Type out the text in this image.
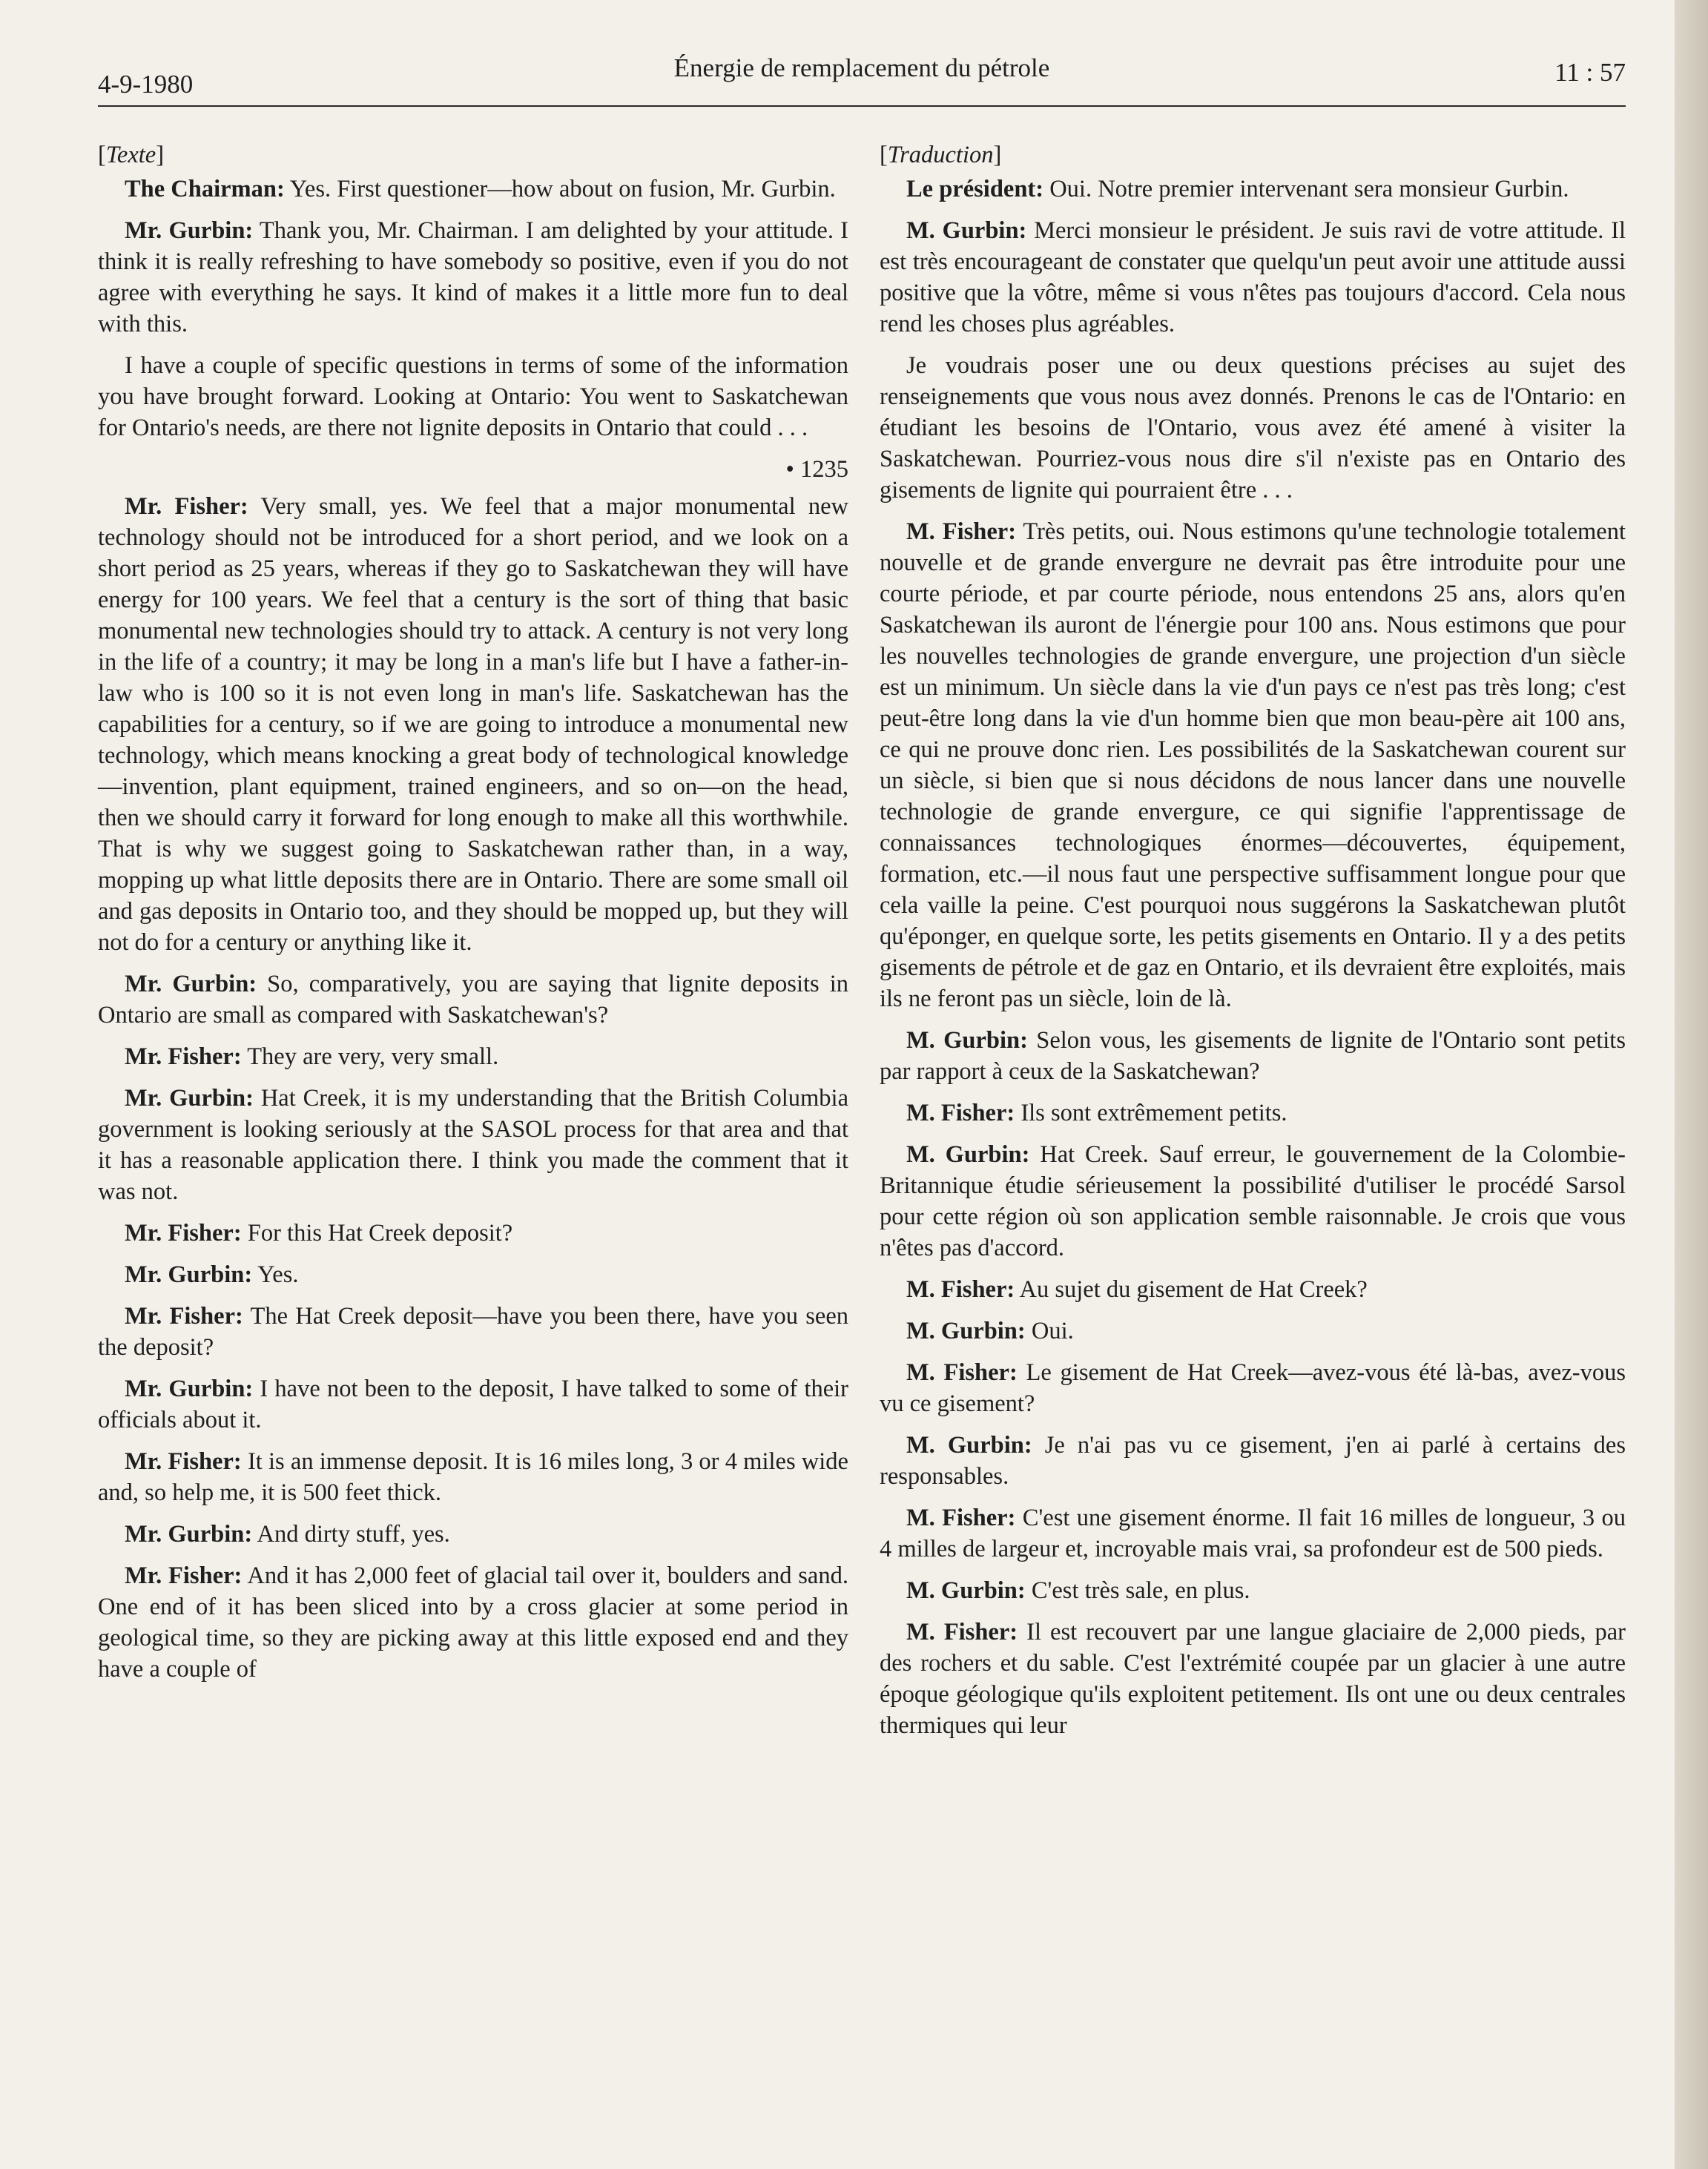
4-9-1980
Énergie de remplacement du pétrole	11 : 57

[Texte]

The Chairman: Yes. First questioner—how about on fusion, Mr. Gurbin.

Mr. Gurbin: Thank you, Mr. Chairman. I am delighted by your attitude. I think it is really refreshing to have somebody so positive, even if you do not agree with everything he says. It kind of makes it a little more fun to deal with this.

I have a couple of specific questions in terms of some of the information you have brought forward. Looking at Ontario: You went to Saskatchewan for Ontario's needs, are there not lignite deposits in Ontario that could . . .

• 1235

Mr. Fisher: Very small, yes. We feel that a major monumental new technology should not be introduced for a short period, and we look on a short period as 25 years, whereas if they go to Saskatchewan they will have energy for 100 years. We feel that a century is the sort of thing that basic monumental new technologies should try to attack. A century is not very long in the life of a country; it may be long in a man's life but I have a father-in-law who is 100 so it is not even long in man's life. Saskatchewan has the capabilities for a century, so if we are going to introduce a monumental new technology, which means knocking a great body of technological knowledge—invention, plant equipment, trained engineers, and so on—on the head, then we should carry it forward for long enough to make all this worthwhile. That is why we suggest going to Saskatchewan rather than, in a way, mopping up what little deposits there are in Ontario. There are some small oil and gas deposits in Ontario too, and they should be mopped up, but they will not do for a century or anything like it.

Mr. Gurbin: So, comparatively, you are saying that lignite deposits in Ontario are small as compared with Saskatchewan's?

Mr. Fisher: They are very, very small.

Mr. Gurbin: Hat Creek, it is my understanding that the British Columbia government is looking seriously at the SASOL process for that area and that it has a reasonable application there. I think you made the comment that it was not.

Mr. Fisher: For this Hat Creek deposit?

Mr. Gurbin: Yes.

Mr. Fisher: The Hat Creek deposit—have you been there, have you seen the deposit?

Mr. Gurbin: I have not been to the deposit, I have talked to some of their officials about it.

Mr. Fisher: It is an immense deposit. It is 16 miles long, 3 or 4 miles wide and, so help me, it is 500 feet thick.

Mr. Gurbin: And dirty stuff, yes.

Mr. Fisher: And it has 2,000 feet of glacial tail over it, boulders and sand. One end of it has been sliced into by a cross glacier at some period in geological time, so they are picking away at this little exposed end and they have a couple of

[Traduction]

Le président: Oui. Notre premier intervenant sera monsieur Gurbin.

M. Gurbin: Merci monsieur le président. Je suis ravi de votre attitude. Il est très encourageant de constater que quelqu'un peut avoir une attitude aussi positive que la vôtre, même si vous n'êtes pas toujours d'accord. Cela nous rend les choses plus agréables.

Je voudrais poser une ou deux questions précises au sujet des renseignements que vous nous avez donnés. Prenons le cas de l'Ontario: en étudiant les besoins de l'Ontario, vous avez été amené à visiter la Saskatchewan. Pourriez-vous nous dire s'il n'existe pas en Ontario des gisements de lignite qui pourraient être . . .

M. Fisher: Très petits, oui. Nous estimons qu'une technologie totalement nouvelle et de grande envergure ne devrait pas être introduite pour une courte période, et par courte période, nous entendons 25 ans, alors qu'en Saskatchewan ils auront de l'énergie pour 100 ans. Nous estimons que pour les nouvelles technologies de grande envergure, une projection d'un siècle est un minimum. Un siècle dans la vie d'un pays ce n'est pas très long; c'est peut-être long dans la vie d'un homme bien que mon beau-père ait 100 ans, ce qui ne prouve donc rien. Les possibilités de la Saskatchewan courent sur un siècle, si bien que si nous décidons de nous lancer dans une nouvelle technologie de grande envergure, ce qui signifie l'apprentissage de connaissances technologiques énormes—découvertes, équipement, formation, etc.—il nous faut une perspective suffisamment longue pour que cela vaille la peine. C'est pourquoi nous suggérons la Saskatchewan plutôt qu'éponger, en quelque sorte, les petits gisements en Ontario. Il y a des petits gisements de pétrole et de gaz en Ontario, et ils devraient être exploités, mais ils ne feront pas un siècle, loin de là.

M. Gurbin: Selon vous, les gisements de lignite de l'Ontario sont petits par rapport à ceux de la Saskatchewan?

M. Fisher: Ils sont extrêmement petits.

M. Gurbin: Hat Creek. Sauf erreur, le gouvernement de la Colombie-Britannique étudie sérieusement la possibilité d'utiliser le procédé Sarsol pour cette région où son application semble raisonnable. Je crois que vous n'êtes pas d'accord.

M. Fisher: Au sujet du gisement de Hat Creek?

M. Gurbin: Oui.

M. Fisher: Le gisement de Hat Creek—avez-vous été là-bas, avez-vous vu ce gisement?

M. Gurbin: Je n'ai pas vu ce gisement, j'en ai parlé à certains des responsables.

M. Fisher: C'est une gisement énorme. Il fait 16 milles de longueur, 3 ou 4 milles de largeur et, incroyable mais vrai, sa profondeur est de 500 pieds.

M. Gurbin: C'est très sale, en plus.

M. Fisher: Il est recouvert par une langue glaciaire de 2,000 pieds, par des rochers et du sable. C'est l'extrémité coupée par un glacier à une autre époque géologique qu'ils exploitent petitement. Ils ont une ou deux centrales thermiques qui leur
